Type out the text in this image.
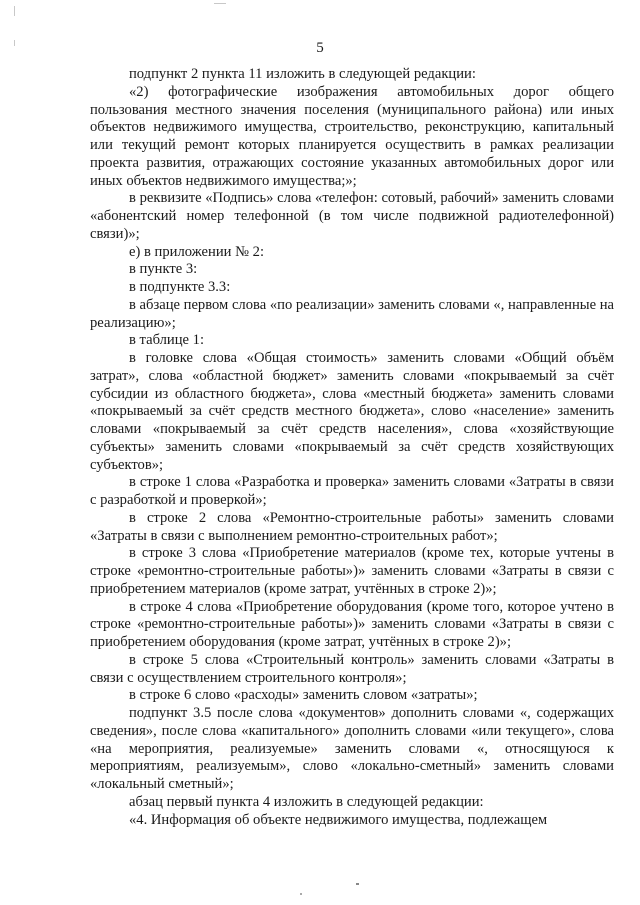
5

подпункт 2 пункта 11 изложить в следующей редакции:

«2) фотографические изображения автомобильных дорог общего пользования местного значения поселения (муниципального района) или иных объектов недвижимого имущества, строительство, реконструкцию, капитальный или текущий ремонт которых планируется осуществить в рамках реализации проекта развития, отражающих состояние указанных автомобильных дорог или иных объектов недвижимого имущества;»;

в реквизите «Подпись» слова «телефон: сотовый, рабочий» заменить словами «абонентский номер телефонной (в том числе подвижной радиотелефонной) связи)»;

е) в приложении № 2:

в пункте 3:

в подпункте 3.3:

в абзаце первом слова «по реализации» заменить словами «, направленные на реализацию»;

в таблице 1:

в головке слова «Общая стоимость» заменить словами «Общий объём затрат», слова «областной бюджет» заменить словами «покрываемый за счёт субсидии из областного бюджета», слова «местный бюджета» заменить словами «покрываемый за счёт средств местного бюджета», слово «население» заменить словами «покрываемый за счёт средств населения», слова «хозяйствующие субъекты» заменить словами «покрываемый за счёт средств хозяйствующих субъектов»;

в строке 1 слова «Разработка и проверка» заменить словами «Затраты в связи с разработкой и проверкой»;

в строке 2 слова «Ремонтно-строительные работы» заменить словами «Затраты в связи с выполнением ремонтно-строительных работ»;

в строке 3 слова «Приобретение материалов (кроме тех, которые учтены в строке «ремонтно-строительные работы»)» заменить словами «Затраты в связи с приобретением материалов (кроме затрат, учтённых в строке 2)»;

в строке 4 слова «Приобретение оборудования (кроме того, которое учтено в строке «ремонтно-строительные работы»)» заменить словами «Затраты в связи с приобретением оборудования (кроме затрат, учтённых в строке 2)»;

в строке 5 слова «Строительный контроль» заменить словами «Затраты в связи с осуществлением строительного контроля»;

в строке 6 слово «расходы» заменить словом «затраты»;

подпункт 3.5 после слова «документов» дополнить словами «, содержащих сведения», после слова «капитального» дополнить словами «или текущего», слова «на мероприятия, реализуемые» заменить словами «, относящуюся к мероприятиям, реализуемым», слово «локально-сметный» заменить словами «локальный сметный»;

абзац первый пункта 4 изложить в следующей редакции:

«4. Информация об объекте недвижимого имущества, подлежащем
